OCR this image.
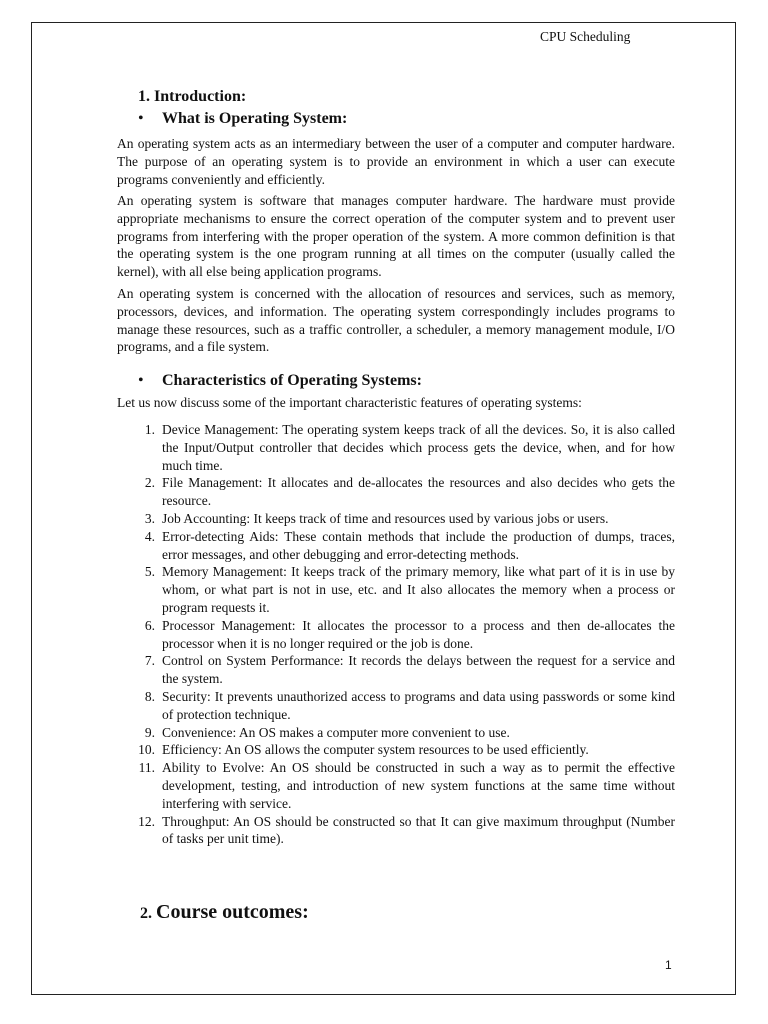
CPU Scheduling
1. Introduction:
• What is Operating System:

An operating system acts as an intermediary between the user of a computer and computer hardware. The purpose of an operating system is to provide an environment in which a user can execute programs conveniently and efficiently.

An operating system is software that manages computer hardware. The hardware must provide appropriate mechanisms to ensure the correct operation of the computer system and to prevent user programs from interfering with the proper operation of the system. A more common definition is that the operating system is the one program running at all times on the computer (usually called the kernel), with all else being application programs.

An operating system is concerned with the allocation of resources and services, such as memory, processors, devices, and information. The operating system correspondingly includes programs to manage these resources, such as a traffic controller, a scheduler, a memory management module, I/O programs, and a file system.

• Characteristics of Operating Systems:

Let us now discuss some of the important characteristic features of operating systems:

1. Device Management: The operating system keeps track of all the devices. So, it is also called the Input/Output controller that decides which process gets the device, when, and for how much time.
2. File Management: It allocates and de-allocates the resources and also decides who gets the resource.
3. Job Accounting: It keeps track of time and resources used by various jobs or users.
4. Error-detecting Aids: These contain methods that include the production of dumps, traces, error messages, and other debugging and error-detecting methods.
5. Memory Management: It keeps track of the primary memory, like what part of it is in use by whom, or what part is not in use, etc. and It also allocates the memory when a process or program requests it.
6. Processor Management: It allocates the processor to a process and then de-allocates the processor when it is no longer required or the job is done.
7. Control on System Performance: It records the delays between the request for a service and the system.
8. Security: It prevents unauthorized access to programs and data using passwords or some kind of protection technique.
9. Convenience: An OS makes a computer more convenient to use.
10. Efficiency: An OS allows the computer system resources to be used efficiently.
11. Ability to Evolve: An OS should be constructed in such a way as to permit the effective development, testing, and introduction of new system functions at the same time without interfering with service.
12. Throughput: An OS should be constructed so that It can give maximum throughput (Number of tasks per unit time).
2. Course outcomes:
1
